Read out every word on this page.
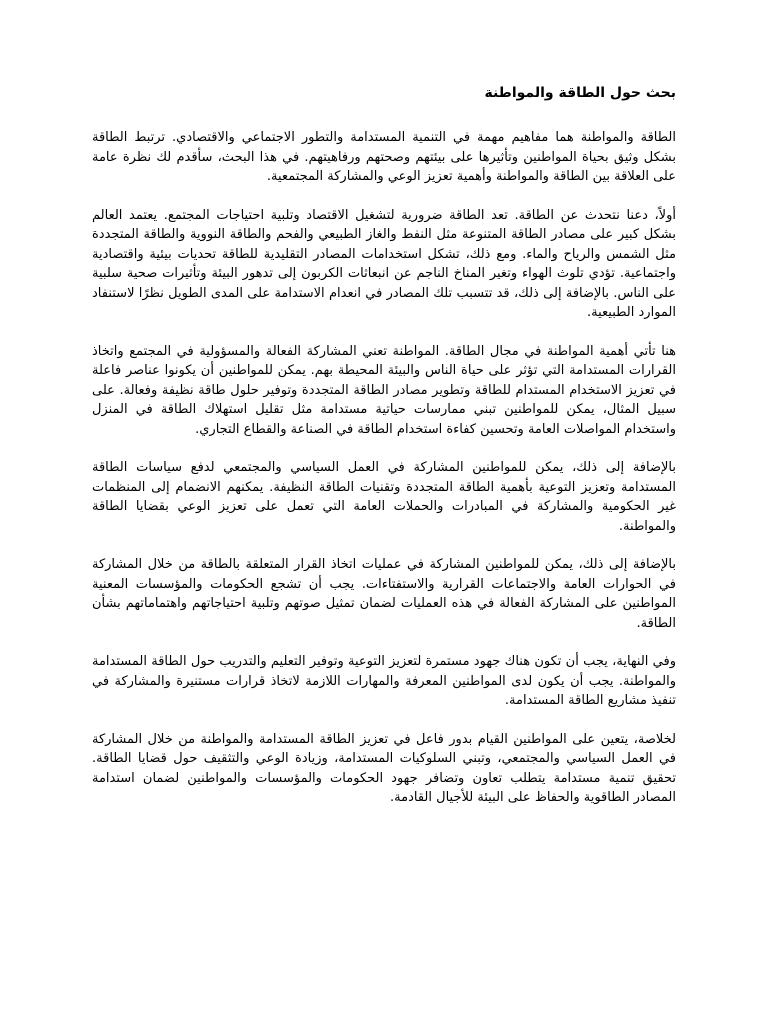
بحث حول الطاقة والمواطنة

الطاقة والمواطنة هما مفاهيم مهمة في التنمية المستدامة والتطور الاجتماعي والاقتصادي. ترتبط الطاقة بشكل وثيق بحياة المواطنين وتأثيرها على بيئتهم وصحتهم ورفاهيتهم. في هذا البحث، سأقدم لك نظرة عامة على العلاقة بين الطاقة والمواطنة وأهمية تعزيز الوعي والمشاركة المجتمعية.

أولاً، دعنا نتحدث عن الطاقة. تعد الطاقة ضرورية لتشغيل الاقتصاد وتلبية احتياجات المجتمع. يعتمد العالم بشكل كبير على مصادر الطاقة المتنوعة مثل النفط والغاز الطبيعي والفحم والطاقة النووية والطاقة المتجددة مثل الشمس والرياح والماء. ومع ذلك، تشكل استخدامات المصادر التقليدية للطاقة تحديات بيئية واقتصادية واجتماعية. تؤدي تلوث الهواء وتغير المناخ الناجم عن انبعاثات الكربون إلى تدهور البيئة وتأثيرات صحية سلبية على الناس. بالإضافة إلى ذلك، قد تتسبب تلك المصادر في انعدام الاستدامة على المدى الطويل نظرًا لاستنفاد الموارد الطبيعية.

هنا تأتي أهمية المواطنة في مجال الطاقة. المواطنة تعني المشاركة الفعالة والمسؤولية في المجتمع واتخاذ القرارات المستدامة التي تؤثر على حياة الناس والبيئة المحيطة بهم. يمكن للمواطنين أن يكونوا عناصر فاعلة في تعزيز الاستخدام المستدام للطاقة وتطوير مصادر الطاقة المتجددة وتوفير حلول طاقة نظيفة وفعالة. على سبيل المثال، يمكن للمواطنين تبني ممارسات حياتية مستدامة مثل تقليل استهلاك الطاقة في المنزل واستخدام المواصلات العامة وتحسين كفاءة استخدام الطاقة في الصناعة والقطاع التجاري.

بالإضافة إلى ذلك، يمكن للمواطنين المشاركة في العمل السياسي والمجتمعي لدفع سياسات الطاقة المستدامة وتعزيز التوعية بأهمية الطاقة المتجددة وتقنيات الطاقة النظيفة. يمكنهم الانضمام إلى المنظمات غير الحكومية والمشاركة في المبادرات والحملات العامة التي تعمل على تعزيز الوعي بقضايا الطاقة والمواطنة.

بالإضافة إلى ذلك، يمكن للمواطنين المشاركة في عمليات اتخاذ القرار المتعلقة بالطاقة من خلال المشاركة في الحوارات العامة والاجتماعات القرارية والاستفتاءات. يجب أن تشجع الحكومات والمؤسسات المعنية المواطنين على المشاركة الفعالة في هذه العمليات لضمان تمثيل صوتهم وتلبية احتياجاتهم واهتماماتهم بشأن الطاقة.

وفي النهاية، يجب أن تكون هناك جهود مستمرة لتعزيز التوعية وتوفير التعليم والتدريب حول الطاقة المستدامة والمواطنة. يجب أن يكون لدى المواطنين المعرفة والمهارات اللازمة لاتخاذ قرارات مستنيرة والمشاركة في تنفيذ مشاريع الطاقة المستدامة.

لخلاصة، يتعين على المواطنين القيام بدور فاعل في تعزيز الطاقة المستدامة والمواطنة من خلال المشاركة في العمل السياسي والمجتمعي، وتبني السلوكيات المستدامة، وزيادة الوعي والتثقيف حول قضايا الطاقة. تحقيق تنمية مستدامة يتطلب تعاون وتضافر جهود الحكومات والمؤسسات والمواطنين لضمان استدامة المصادر الطاقوية والحفاظ على البيئة للأجيال القادمة.
